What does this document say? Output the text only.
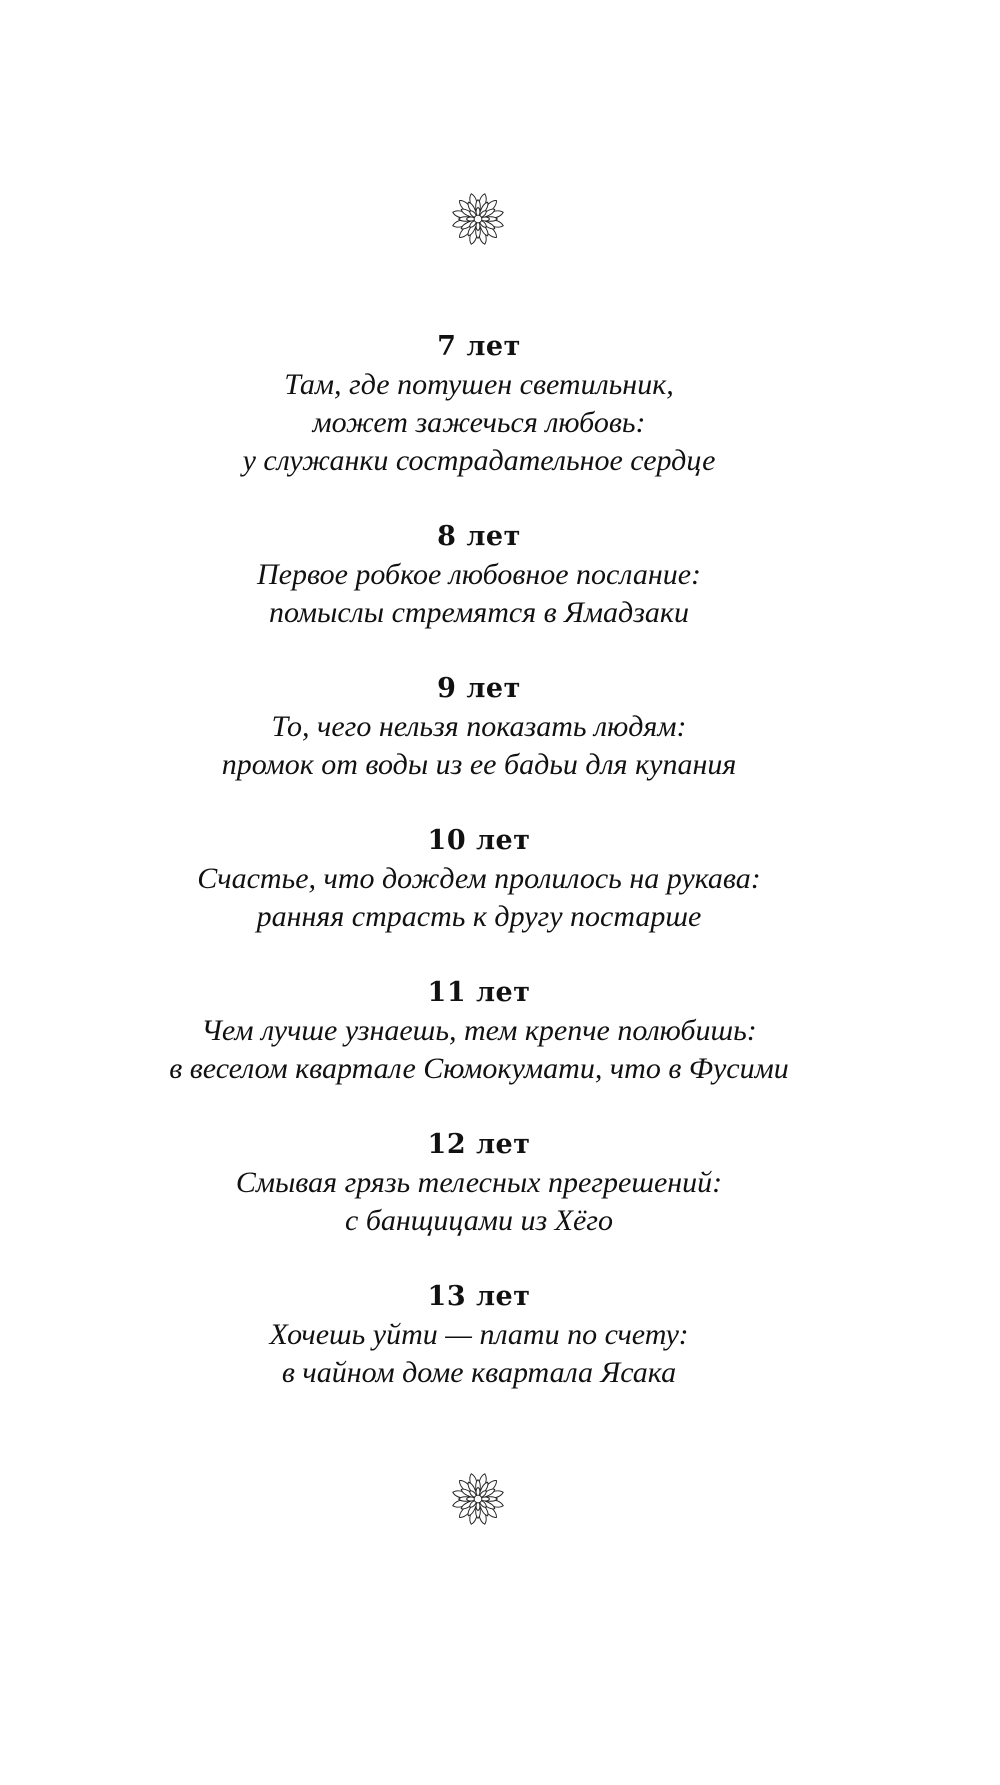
7 лет
Там, где потушен светильник,
может зажечься любовь:
у служанки сострадательное сердце
8 лет
Первое робкое любовное послание:
помыслы стремятся в Ямадзаки
9 лет
То, чего нельзя показать людям:
промок от воды из ее бадьи для купания
10 лет
Счастье, что дождем пролилось на рукава:
ранняя страсть к другу постарше
11 лет
Чем лучше узнаешь, тем крепче полюбишь:
в веселом квартале Сюмокумати, что в Фусими
12 лет
Смывая грязь телесных прегрешений:
с банщицами из Хёго
13 лет
Хочешь уйти — плати по счету:
в чайном доме квартала Ясака
